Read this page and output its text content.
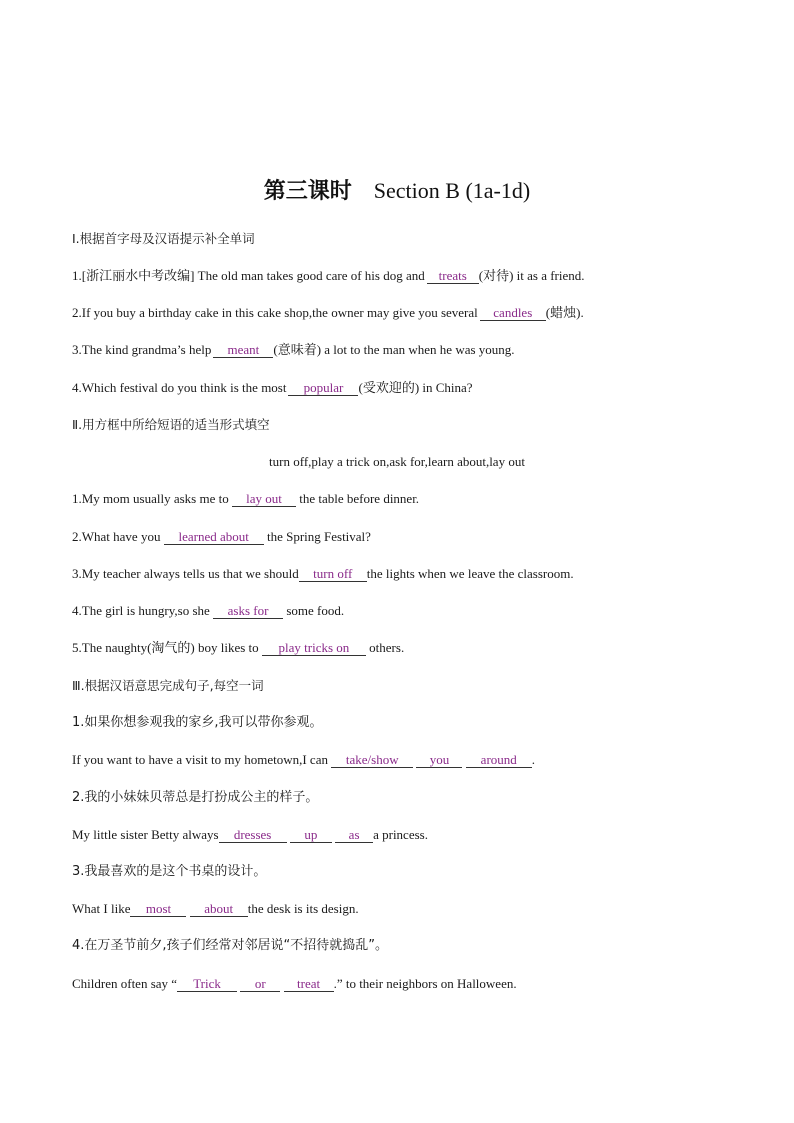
第三课时 Section B (1a-1d)
Ⅰ.根据首字母及汉语提示补全单词
1.[浙江丽水中考改编] The old man takes good care of his dog and treats (对待) it as a friend.
2.If you buy a birthday cake in this cake shop,the owner may give you several candles (蜡烛).
3.The kind grandma’s help meant (意味着) a lot to the man when he was young.
4.Which festival do you think is the most popular (受欢迎的) in China?
Ⅱ.用方框中所给短语的适当形式填空
turn off,play a trick on,ask for,learn about,lay out
1.My mom usually asks me to lay out the table before dinner.
2.What have you learned about the Spring Festival?
3.My teacher always tells us that we should turn off the lights when we leave the classroom.
4.The girl is hungry,so she asks for some food.
5.The naughty(淘气的) boy likes to play tricks on others.
Ⅲ.根据汉语意思完成句子,每空一词
1.如果你想参观我的家乡,我可以带你参观。
If you want to have a visit to my hometown,I can take/show you around .
2.我的小妹妹贝蒂总是打扮成公主的样子。
My little sister Betty always dresses	up as a princess.
3.我最喜欢的是这个书桌的设计。
What I like most	about the desk is its design.
4.在万圣节前夕,孩子们经常对邻居说“不招待就捣乱”。
Children often say “ Trick	or treat .” to their neighbors on Halloween.
